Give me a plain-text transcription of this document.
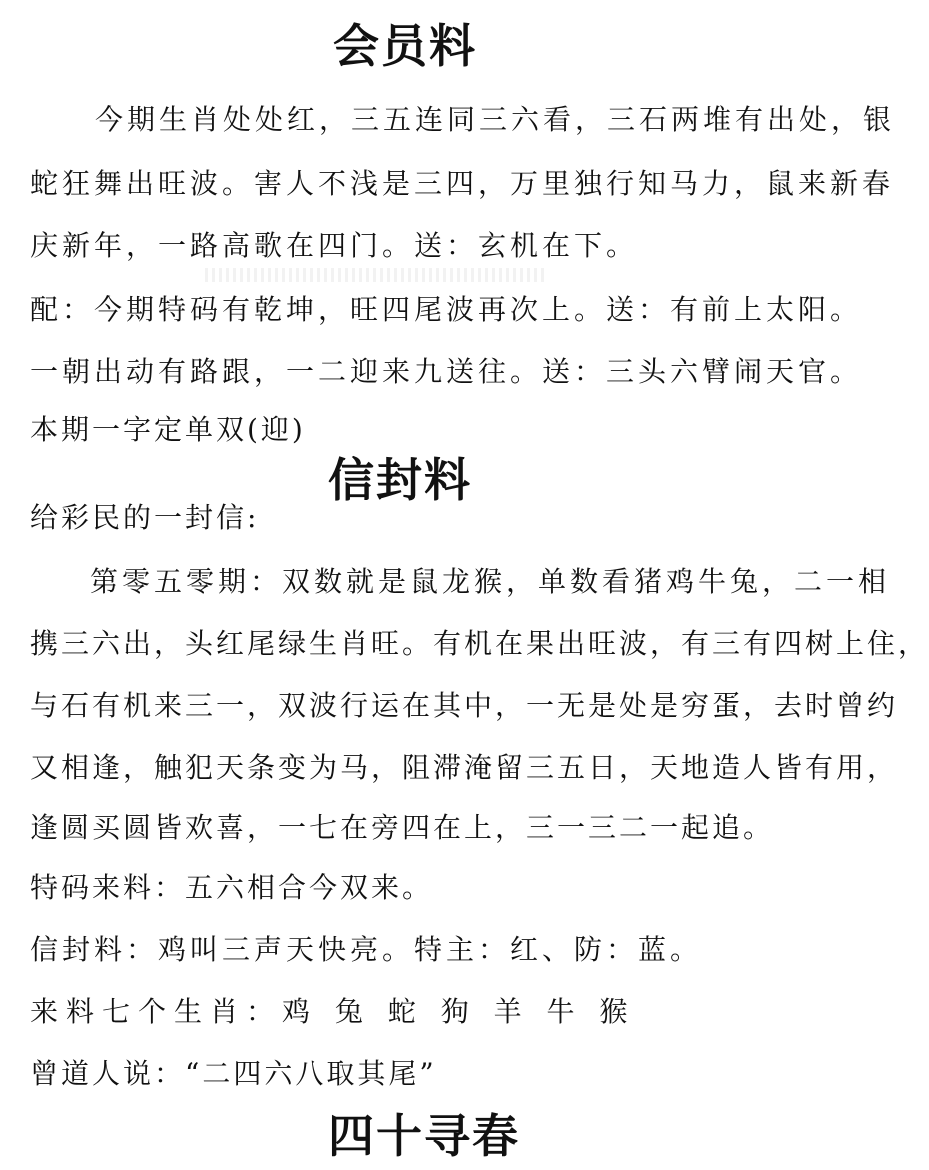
会员料

今期生肖处处红，三五连同三六看，三石两堆有出处，银

蛇狂舞出旺波。害人不浅是三四，万里独行知马力，鼠来新春

庆新年，一路高歌在四门。送：玄机在下。

配：今期特码有乾坤，旺四尾波再次上。送：有前上太阳。

一朝出动有路跟，一二迎来九送往。送：三头六臂闹天官。

本期一字定单双(迎)

信封料

给彩民的一封信:

第零五零期：双数就是鼠龙猴，单数看猪鸡牛兔，二一相

携三六出，头红尾绿生肖旺。有机在果出旺波，有三有四树上住，

与石有机来三一，双波行运在其中，一无是处是穷蛋，去时曾约

又相逢，触犯天条变为马，阻滞淹留三五日，天地造人皆有用，

逢圆买圆皆欢喜，一七在旁四在上，三一三二一起追。

特码来料：五六相合今双来。

信封料：鸡叫三声天快亮。特主：红、防：蓝。

来料七个生肖：鸡 兔 蛇 狗 羊 牛 猴

曾道人说：“二四六八取其尾”

四十寻春
